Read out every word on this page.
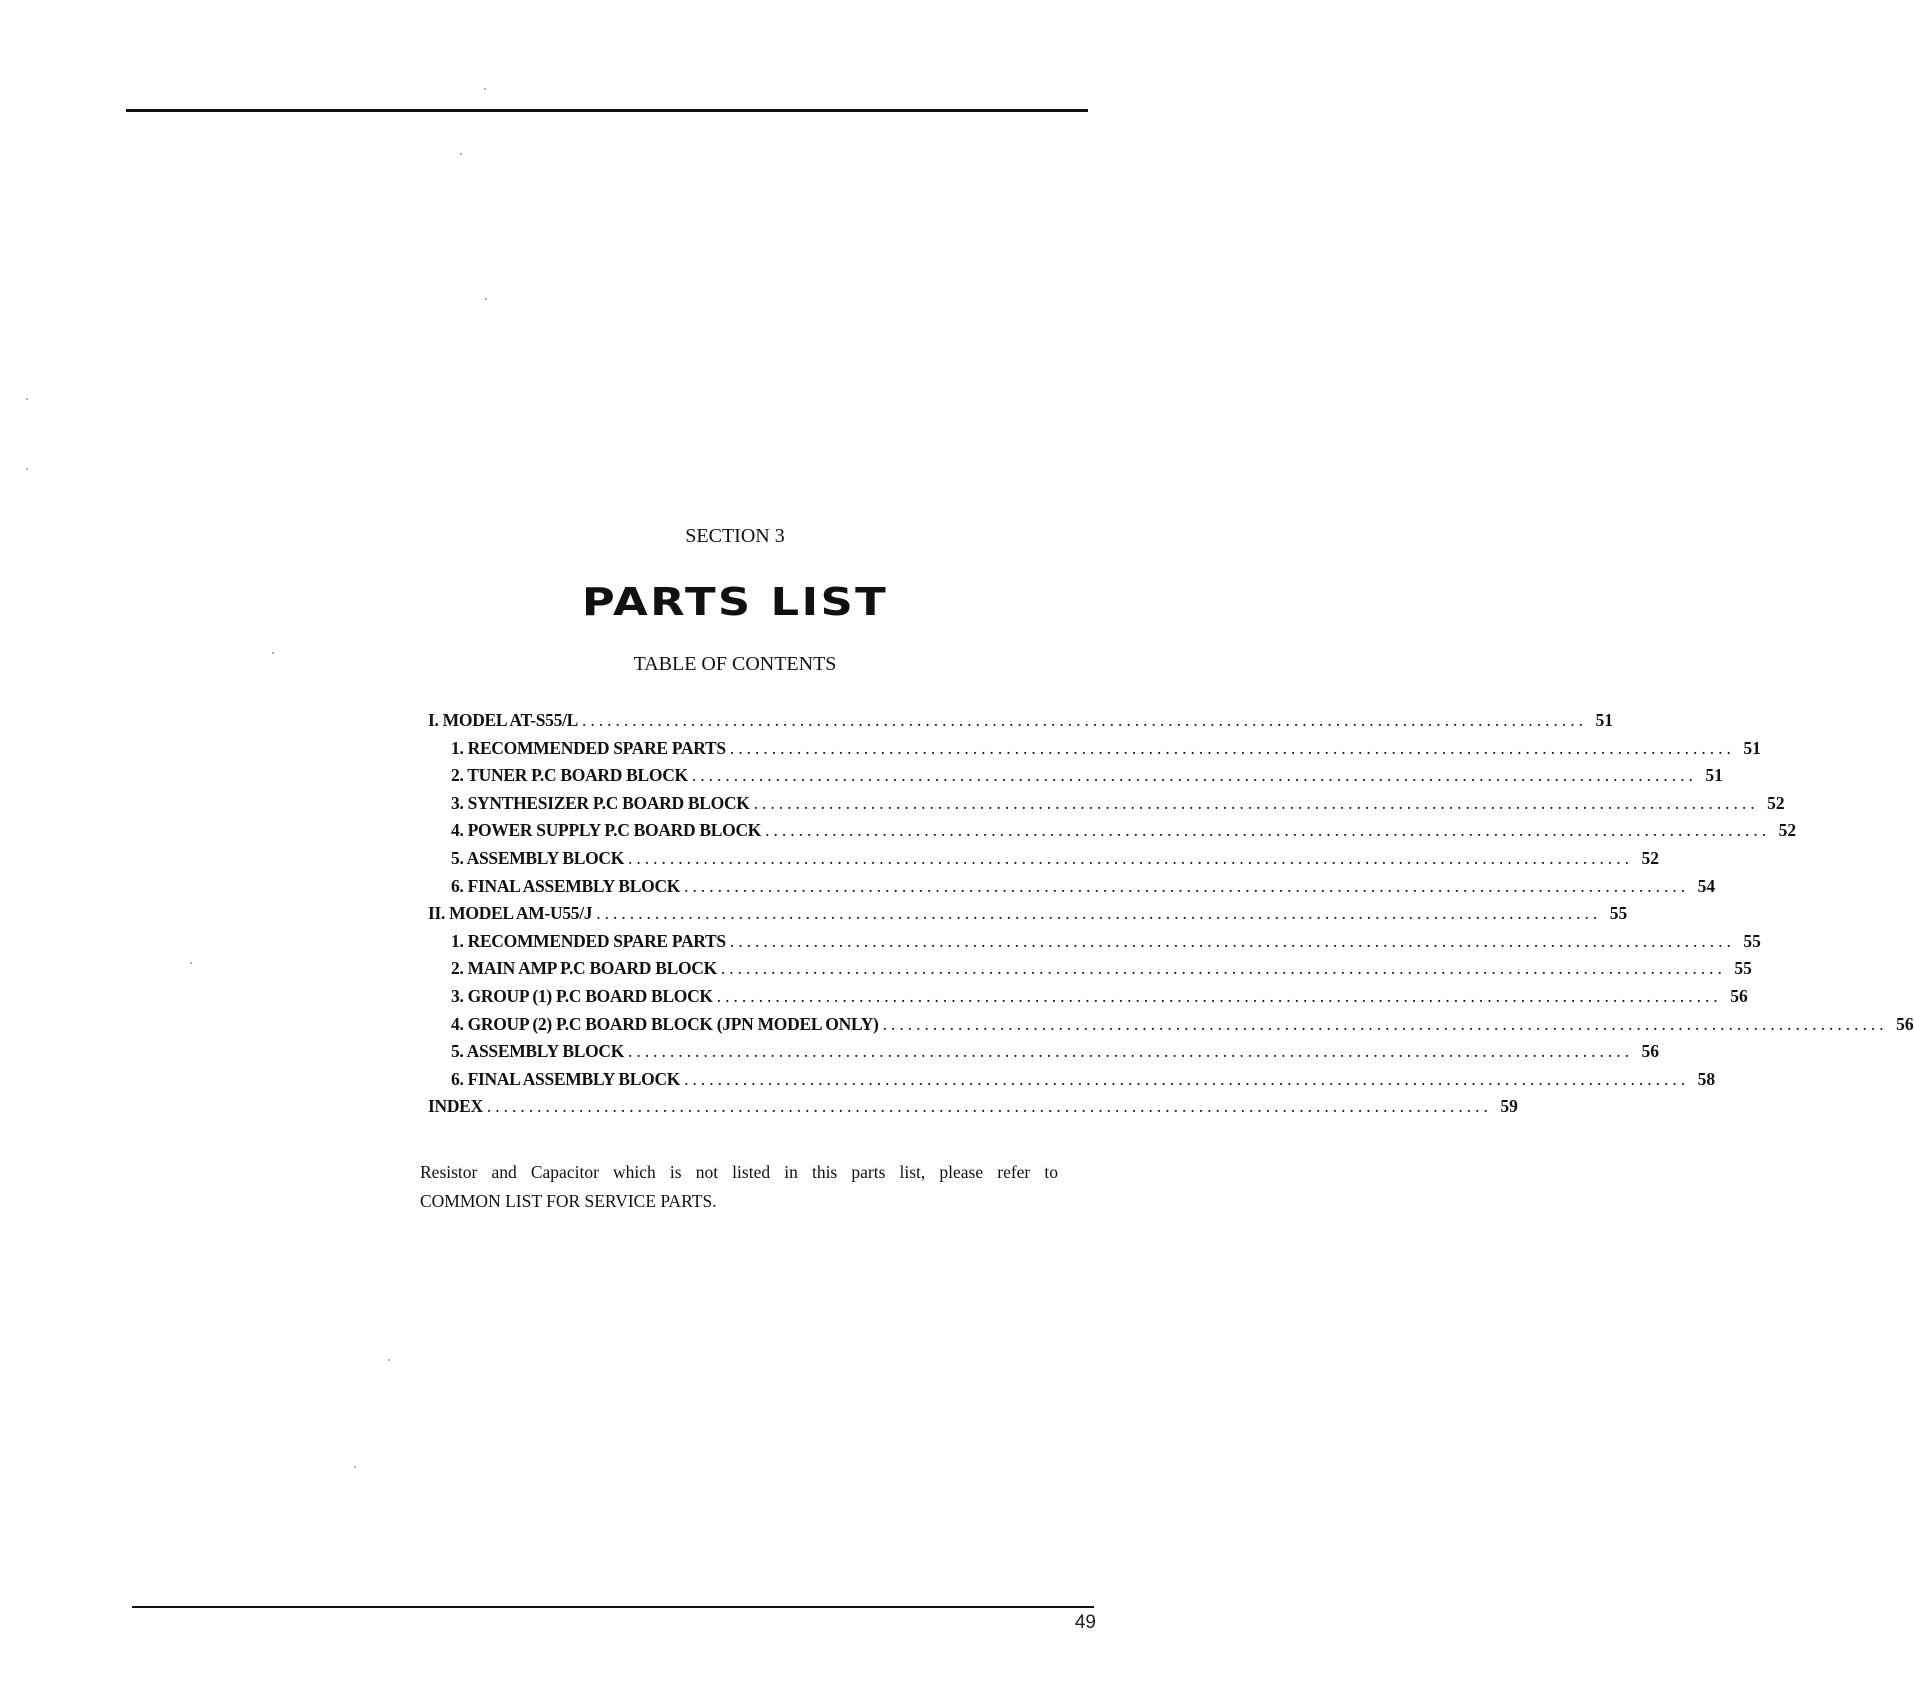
SECTION 3
PARTS LIST
TABLE OF CONTENTS
I. MODEL AT-S55/L ........................................................................................................................ 51
1. RECOMMENDED SPARE PARTS ........................................................................................................................ 51
2. TUNER P.C BOARD BLOCK ........................................................................................................................ 51
3. SYNTHESIZER P.C BOARD BLOCK ........................................................................................................................ 52
4. POWER SUPPLY P.C BOARD BLOCK ........................................................................................................................ 52
5. ASSEMBLY BLOCK ........................................................................................................................ 52
6. FINAL ASSEMBLY BLOCK ........................................................................................................................ 54
II. MODEL AM-U55/J ........................................................................................................................ 55
1. RECOMMENDED SPARE PARTS ........................................................................................................................ 55
2. MAIN AMP P.C BOARD BLOCK ........................................................................................................................ 55
3. GROUP (1) P.C BOARD BLOCK ........................................................................................................................ 56
4. GROUP (2) P.C BOARD BLOCK (JPN MODEL ONLY) ........................................................................................................................ 56
5. ASSEMBLY BLOCK ........................................................................................................................ 56
6. FINAL ASSEMBLY BLOCK ........................................................................................................................ 58
INDEX ........................................................................................................................ 59
Resistor and Capacitor which is not listed in this parts list, please refer to
COMMON LIST FOR SERVICE PARTS.
49
